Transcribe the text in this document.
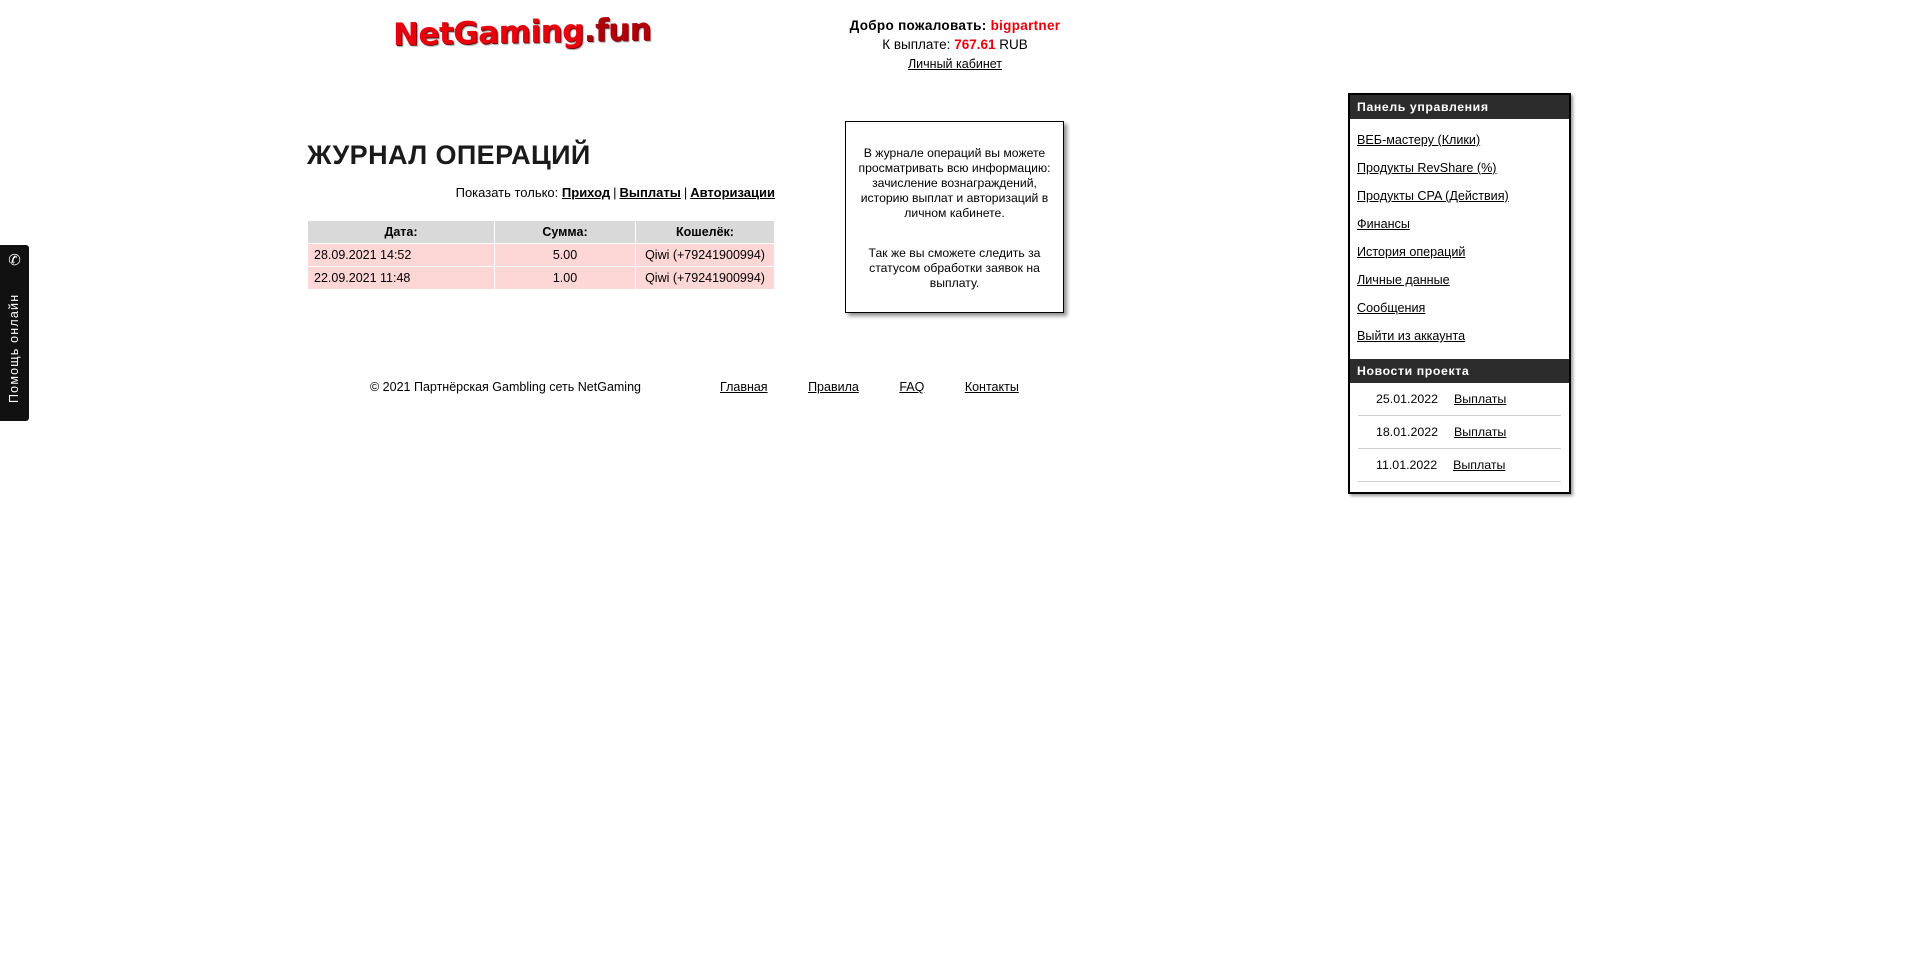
✆
Помощь онлайн
NetGaming.fun	Добро пожаловать: bigpartner
К выплате: 767.61 RUB
Личный кабинет
ЖУРНАЛ ОПЕРАЦИЙ
Показать только: Приход | Выплаты | Авторизации
Дата:	Сумма:	Кошелёк:
28.09.2021 14:52	5.00	Qiwi (+79241900994)
22.09.2021 11:48	1.00	Qiwi (+79241900994)

В журнале операций вы можете просматривать всю информацию: зачисление вознаграждений, историю выплат и авторизаций в личном кабинете.

Так же вы сможете следить за статусом обработки заявок на выплату.

© 2021 Партнёрская Gambling сеть NetGaming	Главная	Правила	FAQ	Контакты
Панель управления
ВЕБ-мастеру (Клики)
Продукты RevShare (%)
Продукты CPA (Действия)
Финансы
История операций
Личные данные
Сообщения
Выйти из аккаунта
Новости проекта
25.01.2022 Выплаты
18.01.2022 Выплаты
11.01.2022 Выплаты
